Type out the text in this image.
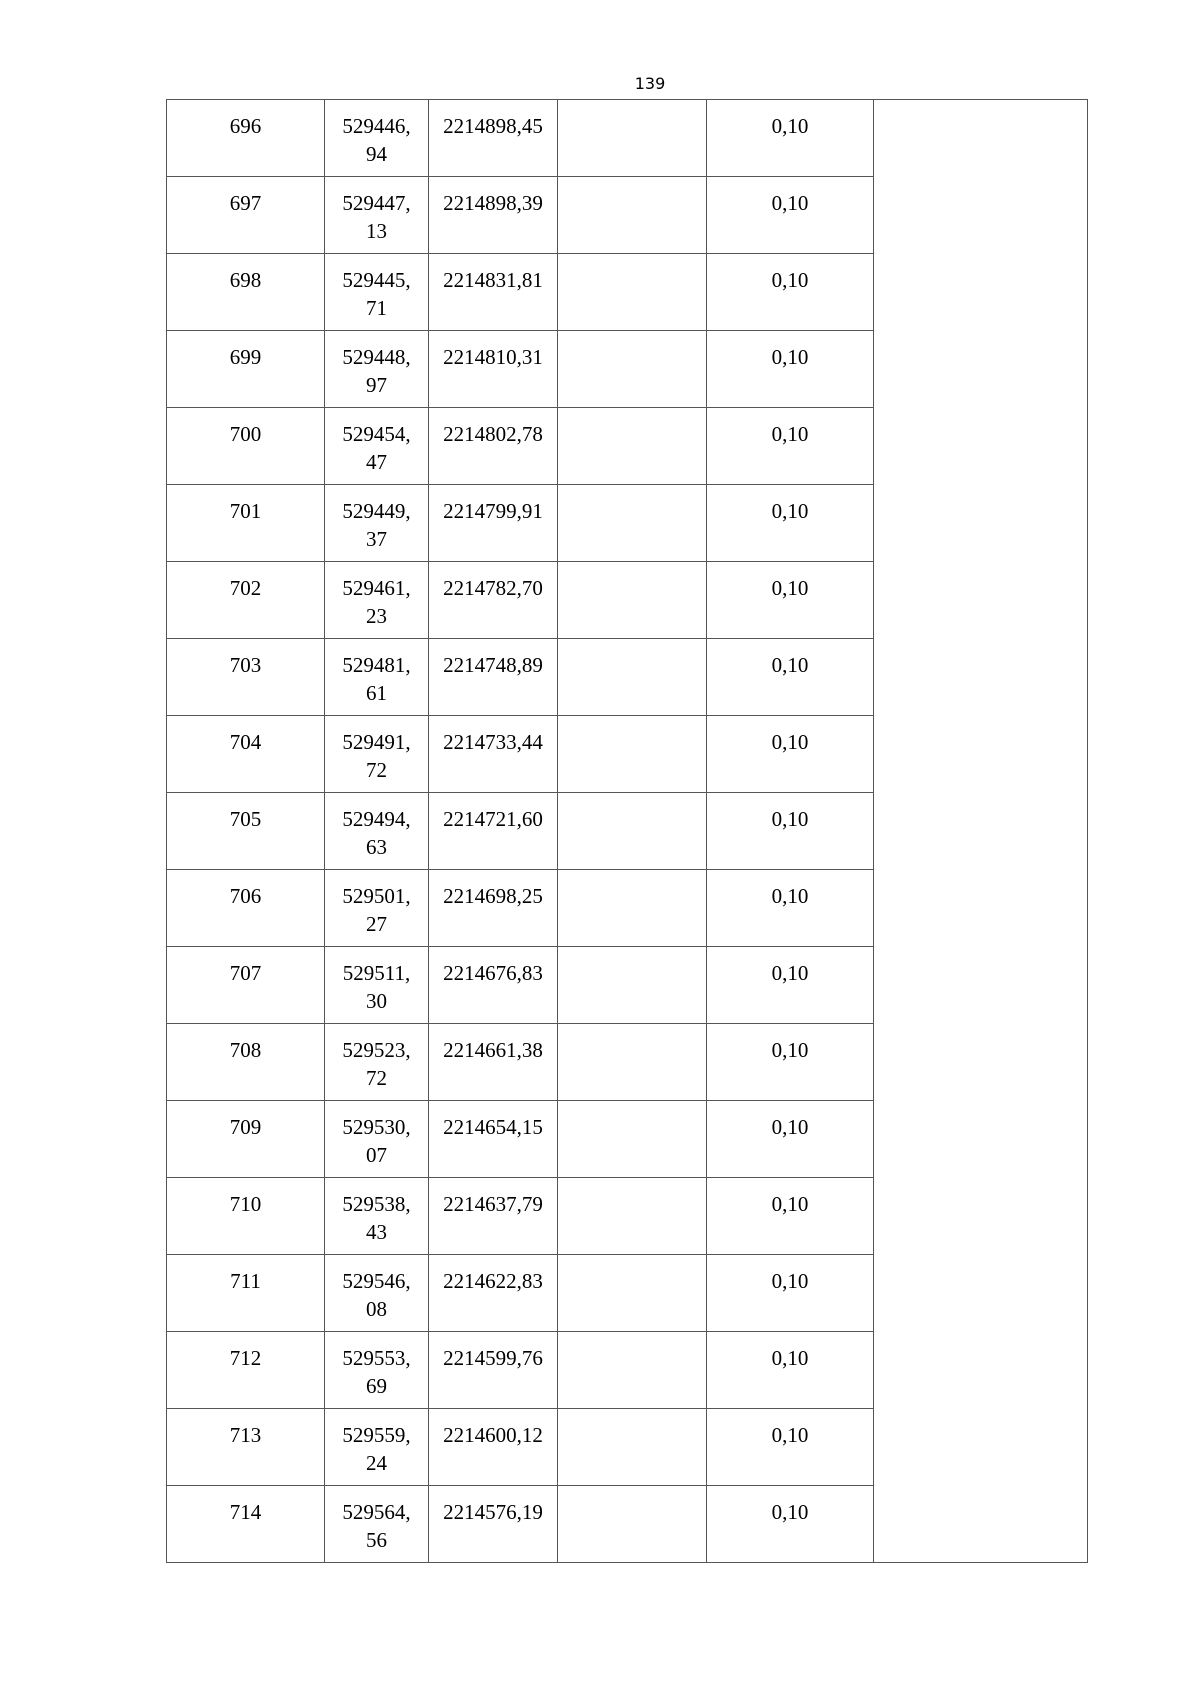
139
696	529446,
94	2214898,45		0,10	

697	529447,
13	2214898,39		0,10	

698	529445,
71	2214831,81		0,10	

699	529448,
97	2214810,31		0,10	

700	529454,
47	2214802,78		0,10	

701	529449,
37	2214799,91		0,10	

702	529461,
23	2214782,70		0,10	

703	529481,
61	2214748,89		0,10	

704	529491,
72	2214733,44		0,10	

705	529494,
63	2214721,60		0,10	

706	529501,
27	2214698,25		0,10	

707	529511,
30	2214676,83		0,10	

708	529523,
72	2214661,38		0,10	

709	529530,
07	2214654,15		0,10	

710	529538,
43	2214637,79		0,10	

711	529546,
08	2214622,83		0,10	

712	529553,
69	2214599,76		0,10	

713	529559,
24	2214600,12		0,10	

714	529564,
56	2214576,19		0,10	
